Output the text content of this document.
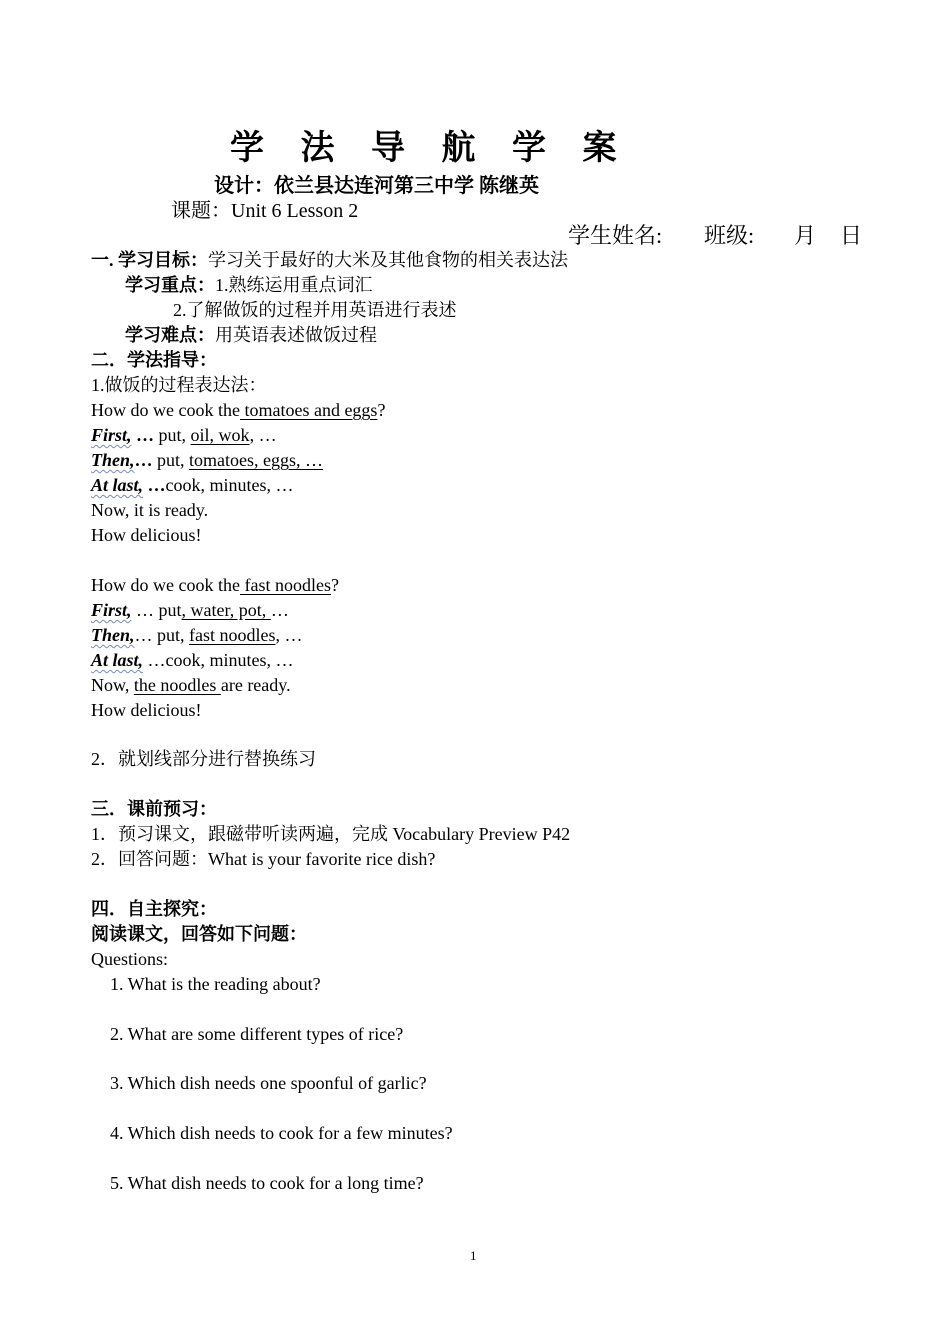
学 法 导 航 学 案
设计：依兰县达连河第三中学 陈继英
课题：Unit 6 Lesson 2
学生姓名: 班级: 月 日
一. 学习目标：学习关于最好的大米及其他食物的相关表达法
学习重点：1.熟练运用重点词汇
2.了解做饭的过程并用英语进行表述
学习难点：用英语表述做饭过程
二．学法指导：
1.做饭的过程表达法：
How do we cook the tomatoes and eggs?
First, … put, oil, wok, …
Then,… put, tomatoes, eggs, …
At last, …cook, minutes, …
Now, it is ready.
How delicious!
How do we cook the fast noodles?
First, … put, water, pot, …
Then,… put, fast noodles, …
At last, …cook, minutes, …
Now, the noodles are ready.
How delicious!
2．就划线部分进行替换练习
三．课前预习：
1．预习课文，跟磁带听读两遍，完成 Vocabulary Preview P42
2．回答问题：What is your favorite rice dish?
四．自主探究：
阅读课文，回答如下问题：
Questions:
1. What is the reading about?
2. What are some different types of rice?
3. Which dish needs one spoonful of garlic?
4. Which dish needs to cook for a few minutes?
5. What dish needs to cook for a long time?
1
